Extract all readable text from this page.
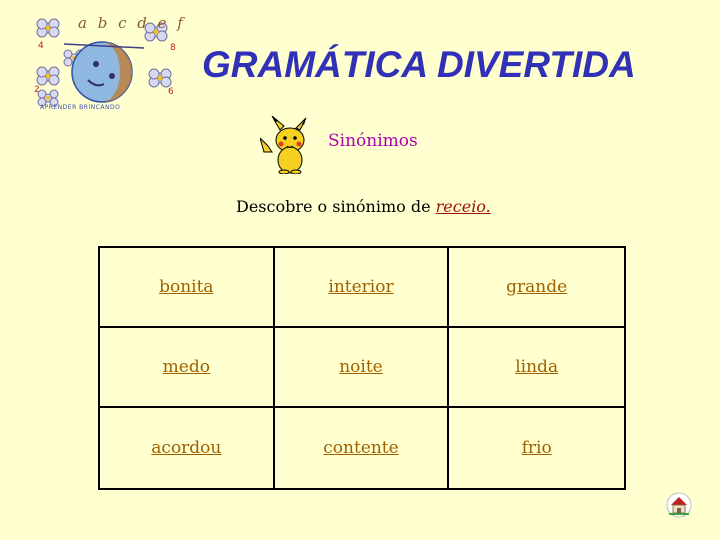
4	8
2	6
a b c d e f
APRENDER BRINCANDO
GRAMÁTICA DIVERTIDA
Sinónimos
Descobre o sinónimo de receio.
bonita	interior	grande
medo	noite	linda
acordou	contente	frio
